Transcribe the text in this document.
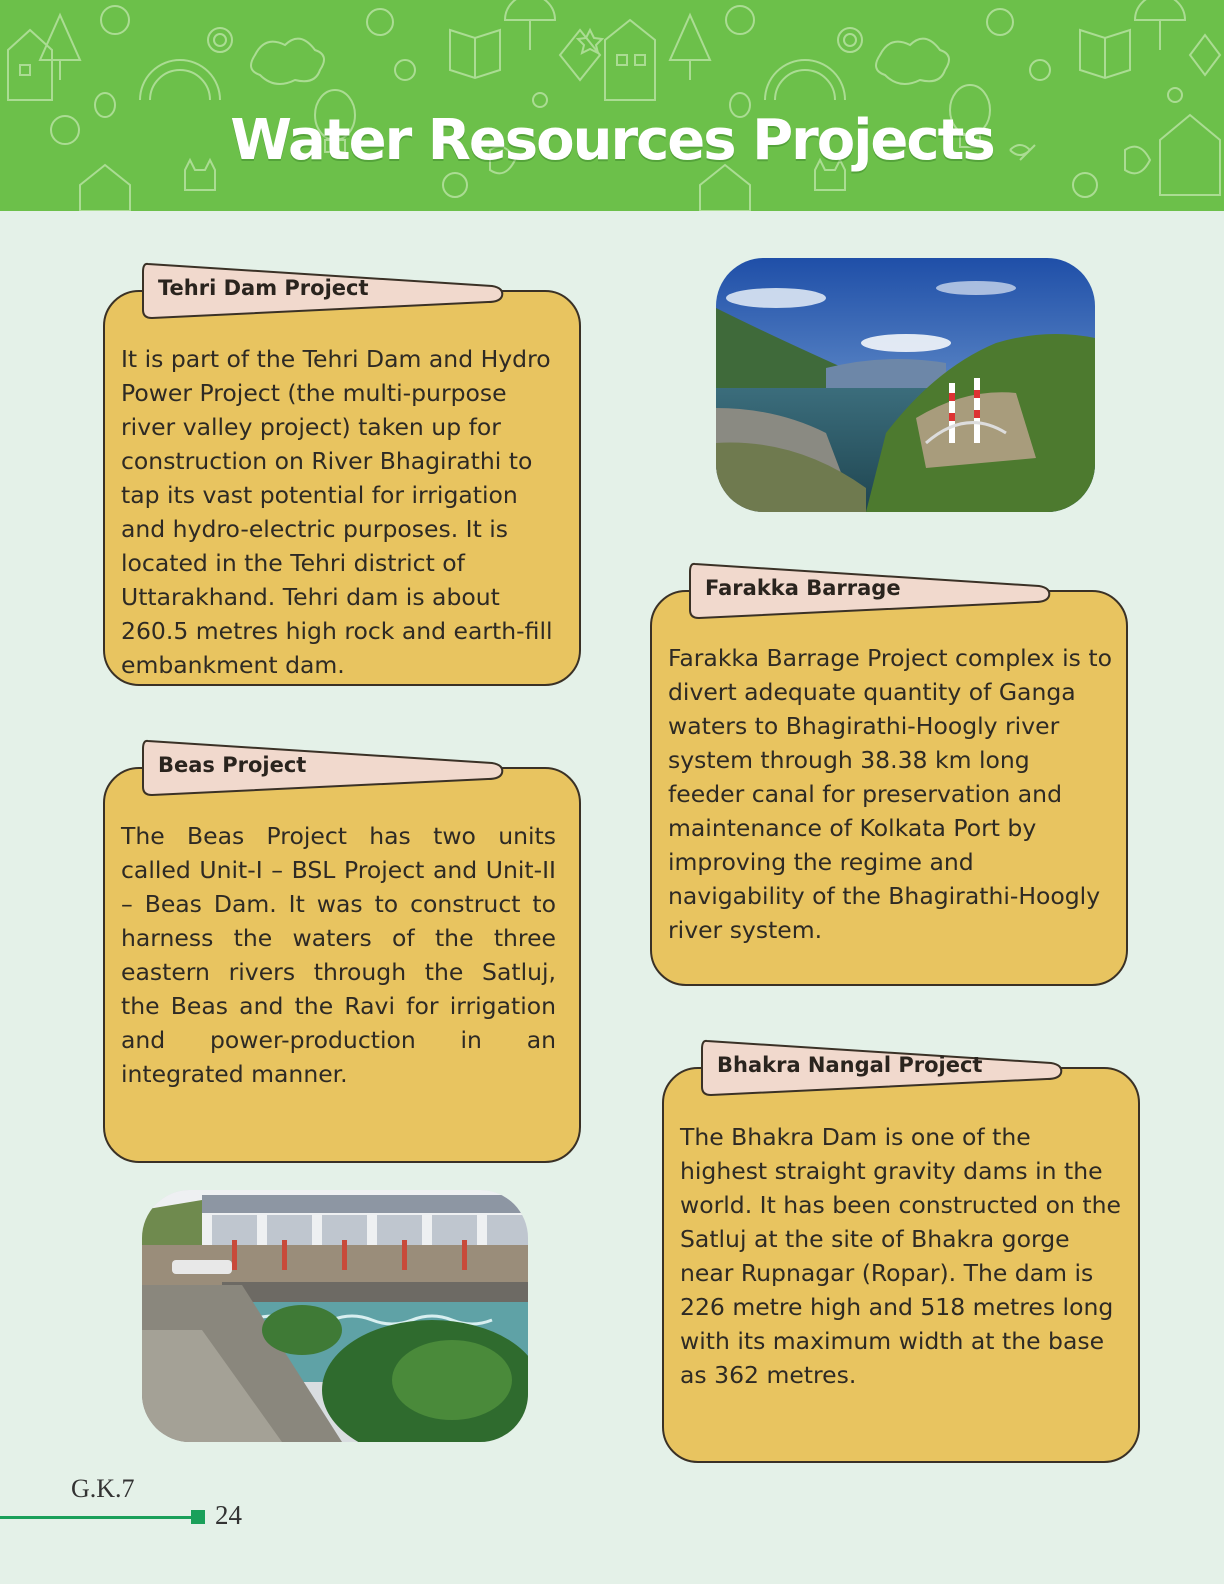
Water Resources Projects
Tehri Dam Project
It is part of the Tehri Dam and Hydro Power Project (the multi-purpose river valley project) taken up for construction on River Bhagirathi to tap its vast potential for irrigation and hydro-electric purposes. It is located in the Tehri district of Uttarakhand. Tehri dam is about 260.5 metres high rock and earth-fill embankment dam.
Beas Project
The Beas Project has two units called Unit-I – BSL Project and Unit-II – Beas Dam. It was to construct to harness the waters of the three eastern rivers through the Satluj, the Beas and the Ravi for irrigation and power-production in an integrated manner.
Farakka Barrage
Farakka Barrage Project complex is to divert adequate quantity of Ganga waters to Bhagirathi-Hoogly river system through 38.38 km long feeder canal for preservation and maintenance of Kolkata Port by improving the regime and navigability of the Bhagirathi-Hoogly river system.
Bhakra Nangal Project
The Bhakra Dam is one of the highest straight gravity dams in the world. It has been constructed on the Satluj at the site of Bhakra gorge near Rupnagar (Ropar). The dam is 226 metre high and 518 metres long with its maximum width at the base as 362 metres.
G.K.7
24
